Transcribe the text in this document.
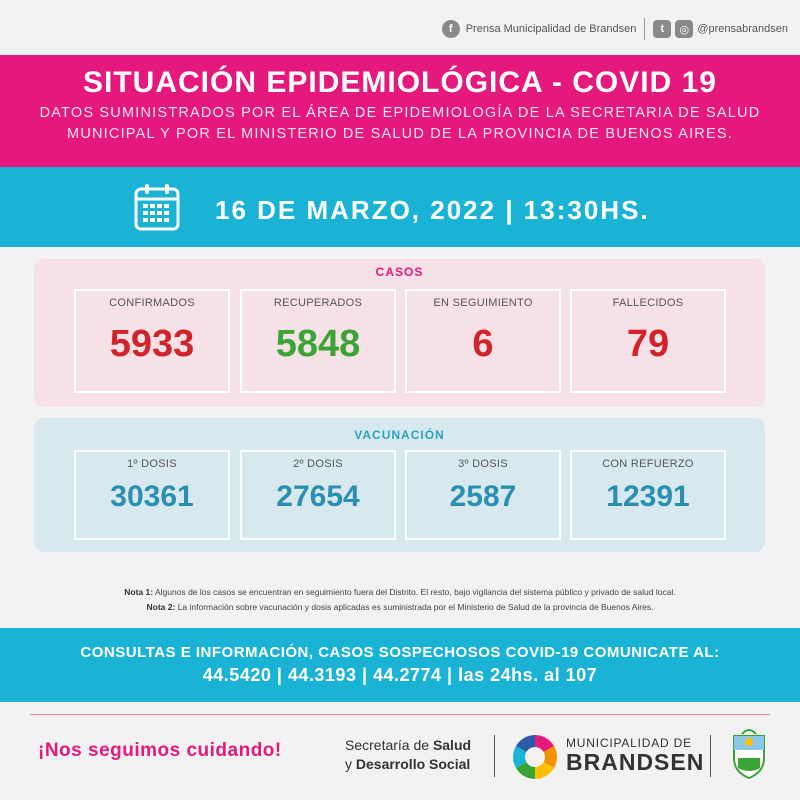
f	Prensa Municipalidad de Brandsen	t	◎ @prensabrandsen
SITUACIÓN EPIDEMIOLÓGICA - COVID 19
DATOS SUMINISTRADOS POR EL ÁREA DE EPIDEMIOLOGÍA DE LA SECRETARIA DE SALUD
MUNICIPAL Y POR EL MINISTERIO DE SALUD DE LA PROVINCIA DE BUENOS AIRES.
16 DE MARZO, 2022 | 13:30HS.
CASOS
CONFIRMADOS
5933
RECUPERADOS
5848
EN SEGUIMIENTO
6
FALLECIDOS
79
VACUNACIÓN
1º DOSIS
30361
2º DOSIS
27654
3º DOSIS
2587
CON REFUERZO
12391
Nota 1: Algunos de los casos se encuentran en seguimiento fuera del Distrito. El resto, bajo vigilancia del sistema público y privado de salud local.
Nota 2: La información sobre vacunación y dosis aplicadas es suministrada por el Ministerio de Salud de la provincia de Buenos Aires.
CONSULTAS E INFORMACIÓN, CASOS SOSPECHOSOS COVID-19 COMUNICATE AL:
44.5420 | 44.3193 | 44.2774 | las 24hs. al 107
¡Nos seguimos cuidando!	Secretaría de Salud
y Desarrollo Social
MUNICIPALIDAD DE
BRANDSEN
